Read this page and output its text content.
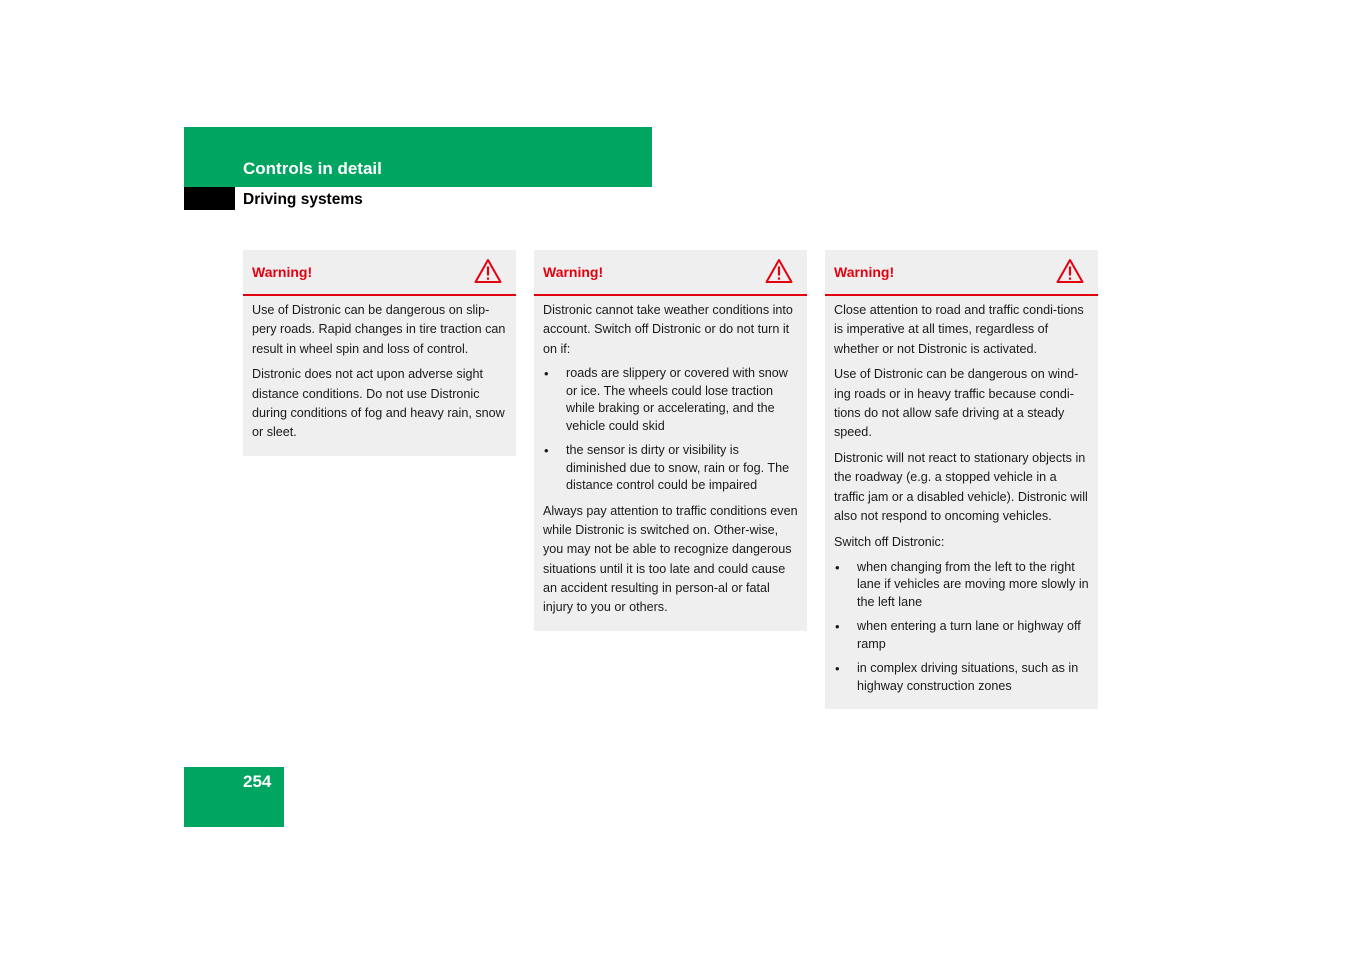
Controls in detail
Driving systems
Warning!

Use of Distronic can be dangerous on slip-pery roads. Rapid changes in tire traction can result in wheel spin and loss of control.

Distronic does not act upon adverse sight distance conditions. Do not use Distronic during conditions of fog and heavy rain, snow or sleet.

Warning!

Distronic cannot take weather conditions into account. Switch off Distronic or do not turn it on if:

• roads are slippery or covered with snow or ice. The wheels could lose traction while braking or accelerating, and the vehicle could skid
• the sensor is dirty or visibility is diminished due to snow, rain or fog. The distance control could be impaired

Always pay attention to traffic conditions even while Distronic is switched on. Other-wise, you may not be able to recognize dangerous situations until it is too late and could cause an accident resulting in person-al or fatal injury to you or others.

Warning!

Close attention to road and traffic condi-tions is imperative at all times, regardless of whether or not Distronic is activated.

Use of Distronic can be dangerous on wind-ing roads or in heavy traffic because condi-tions do not allow safe driving at a steady speed.

Distronic will not react to stationary objects in the roadway (e.g. a stopped vehicle in a traffic jam or a disabled vehicle). Distronic will also not respond to oncoming vehicles.

Switch off Distronic:

• when changing from the left to the right lane if vehicles are moving more slowly in the left lane
• when entering a turn lane or highway off ramp
• in complex driving situations, such as in highway construction zones
254
